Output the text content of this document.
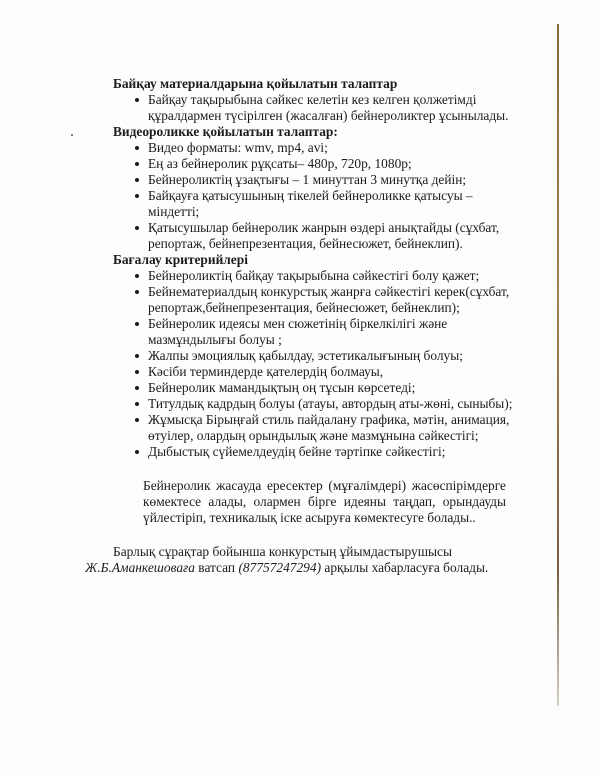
Байқау материалдарына қойылатын талаптар
Байқау тақырыбына сәйкес келетін кез келген қолжетімді құралдармен түсірілген (жасалған) бейнероликтер ұсынылады.
Видеороликке қойылатын талаптар:
Видео форматы: wmv, mp4, avi;
Ең аз бейнеролик рұқсаты– 480p, 720p, 1080p;
Бейнероликтің ұзақтығы – 1 минуттан 3 минутқа дейін;
Байқауға қатысушының тікелей бейнероликке қатысуы – міндетті;
Қатысушылар бейнеролик жанрын өздері анықтайды (сұхбат, репортаж, бейнепрезентация, бейнесюжет, бейнеклип).
Бағалау критерийлері
Бейнероликтің байқау тақырыбына сәйкестігі болу қажет;
Бейнематериалдың конкурстық жанрға сәйкестігі керек(сұхбат, репортаж,бейнепрезентация, бейнесюжет, бейнеклип);
Бейнеролик идеясы мен сюжетінің біркелкілігі және мазмұндылығы болуы ;
Жалпы эмоциялық қабылдау, эстетикалығының болуы;
Кәсіби терминдерде қателердің болмауы,
Бейнеролик мамандықтың оң тұсын көрсетеді;
Титулдық кадрдың болуы (атауы, автордың аты-жөні, сыныбы);
Жұмысқа Бірыңғай стиль пайдалану графика, мәтін, анимация, өтуілер, олардың орындылық және мазмұнына сәйкестігі;
Дыбыстық сүйемелдеудің бейне тәртіпке сәйкестігі;

Бейнеролик жасауда ересектер (мұғалімдері) жасөспірімдерге көмектесе алады, олармен бірге идеяны таңдап, орындауды үйлестіріп, техникалық іске асыруға көмектесуге болады..

Барлық сұрақтар бойынша конкурстың ұйымдастырушысы
Ж.Б.Аманкешоваға ватсап (87757247294) арқылы хабарласуға болады.
